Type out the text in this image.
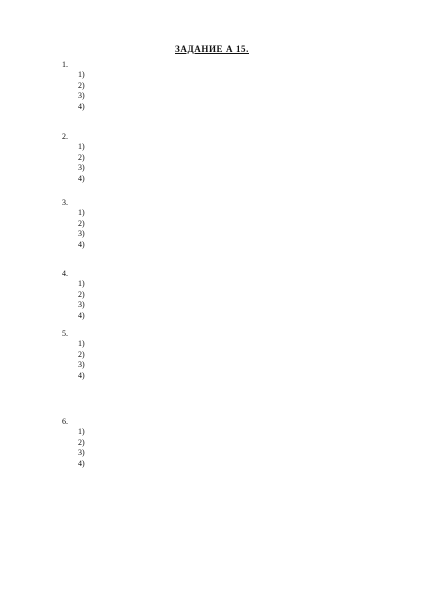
ЗАДАНИЕ А 15.
1.
1)
2)
3)
4)
2.
1)
2)
3)
4)
3.
1)
2)
3)
4)
4.
1)
2)
3)
4)
5.
1)
2)
3)
4)
6.
1)
2)
3)
4)
